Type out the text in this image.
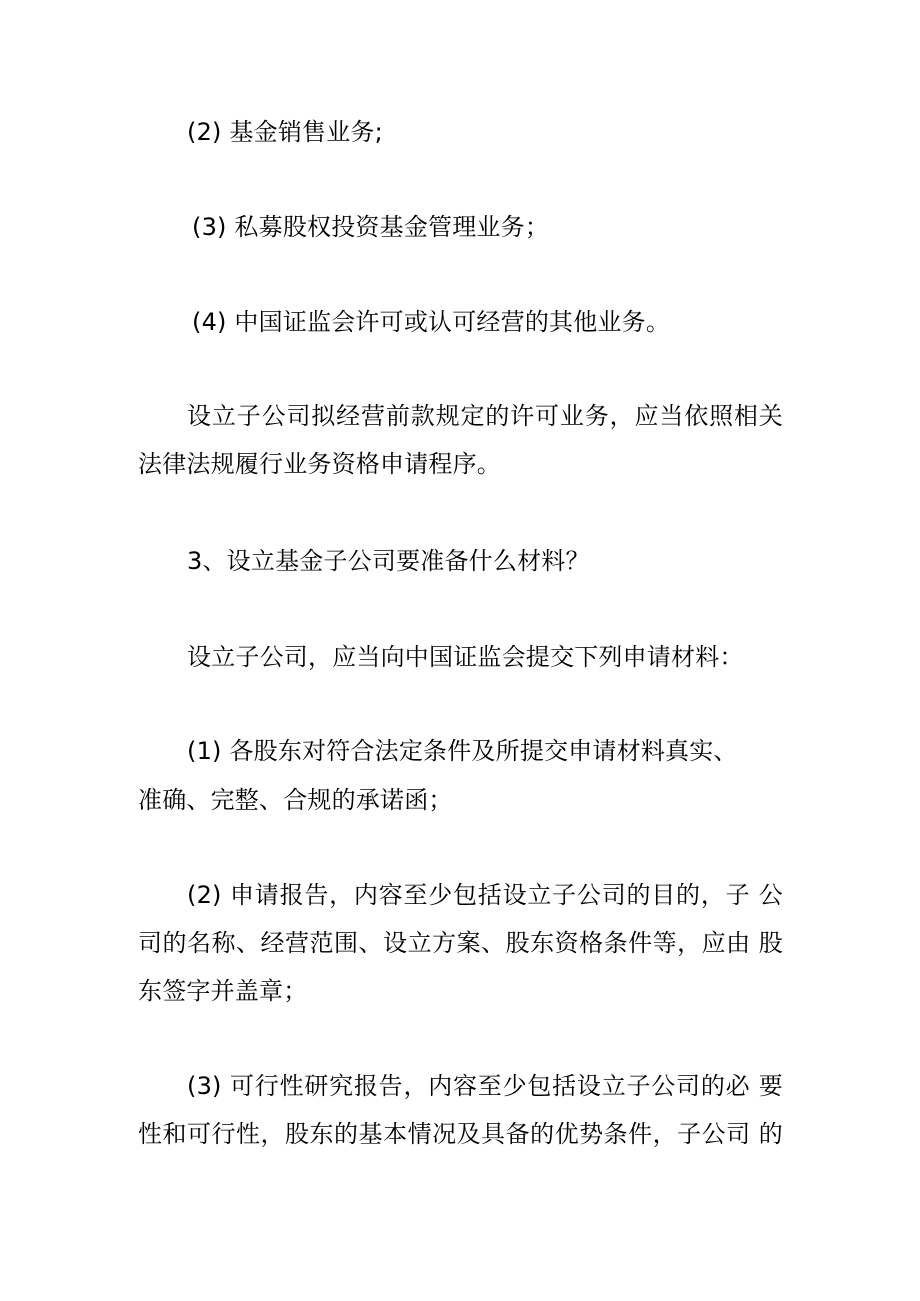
(2) 基金销售业务;
(3) 私募股权投资基金管理业务；
(4) 中国证监会许可或认可经营的其他业务。
设立子公司拟经营前款规定的许可业务，应当依照相关
法律法规履行业务资格申请程序。
3、设立基金子公司要准备什么材料？
设立子公司，应当向中国证监会提交下列申请材料：
(1) 各股东对符合法定条件及所提交申请材料真实、
准确、完整、合规的承诺函；
(2) 申请报告，内容至少包括设立子公司的目的，子 公
司的名称、经营范围、设立方案、股东资格条件等，应由 股
东签字并盖章；
(3) 可行性研究报告，内容至少包括设立子公司的必 要
性和可行性，股东的基本情况及具备的优势条件，子公司 的
